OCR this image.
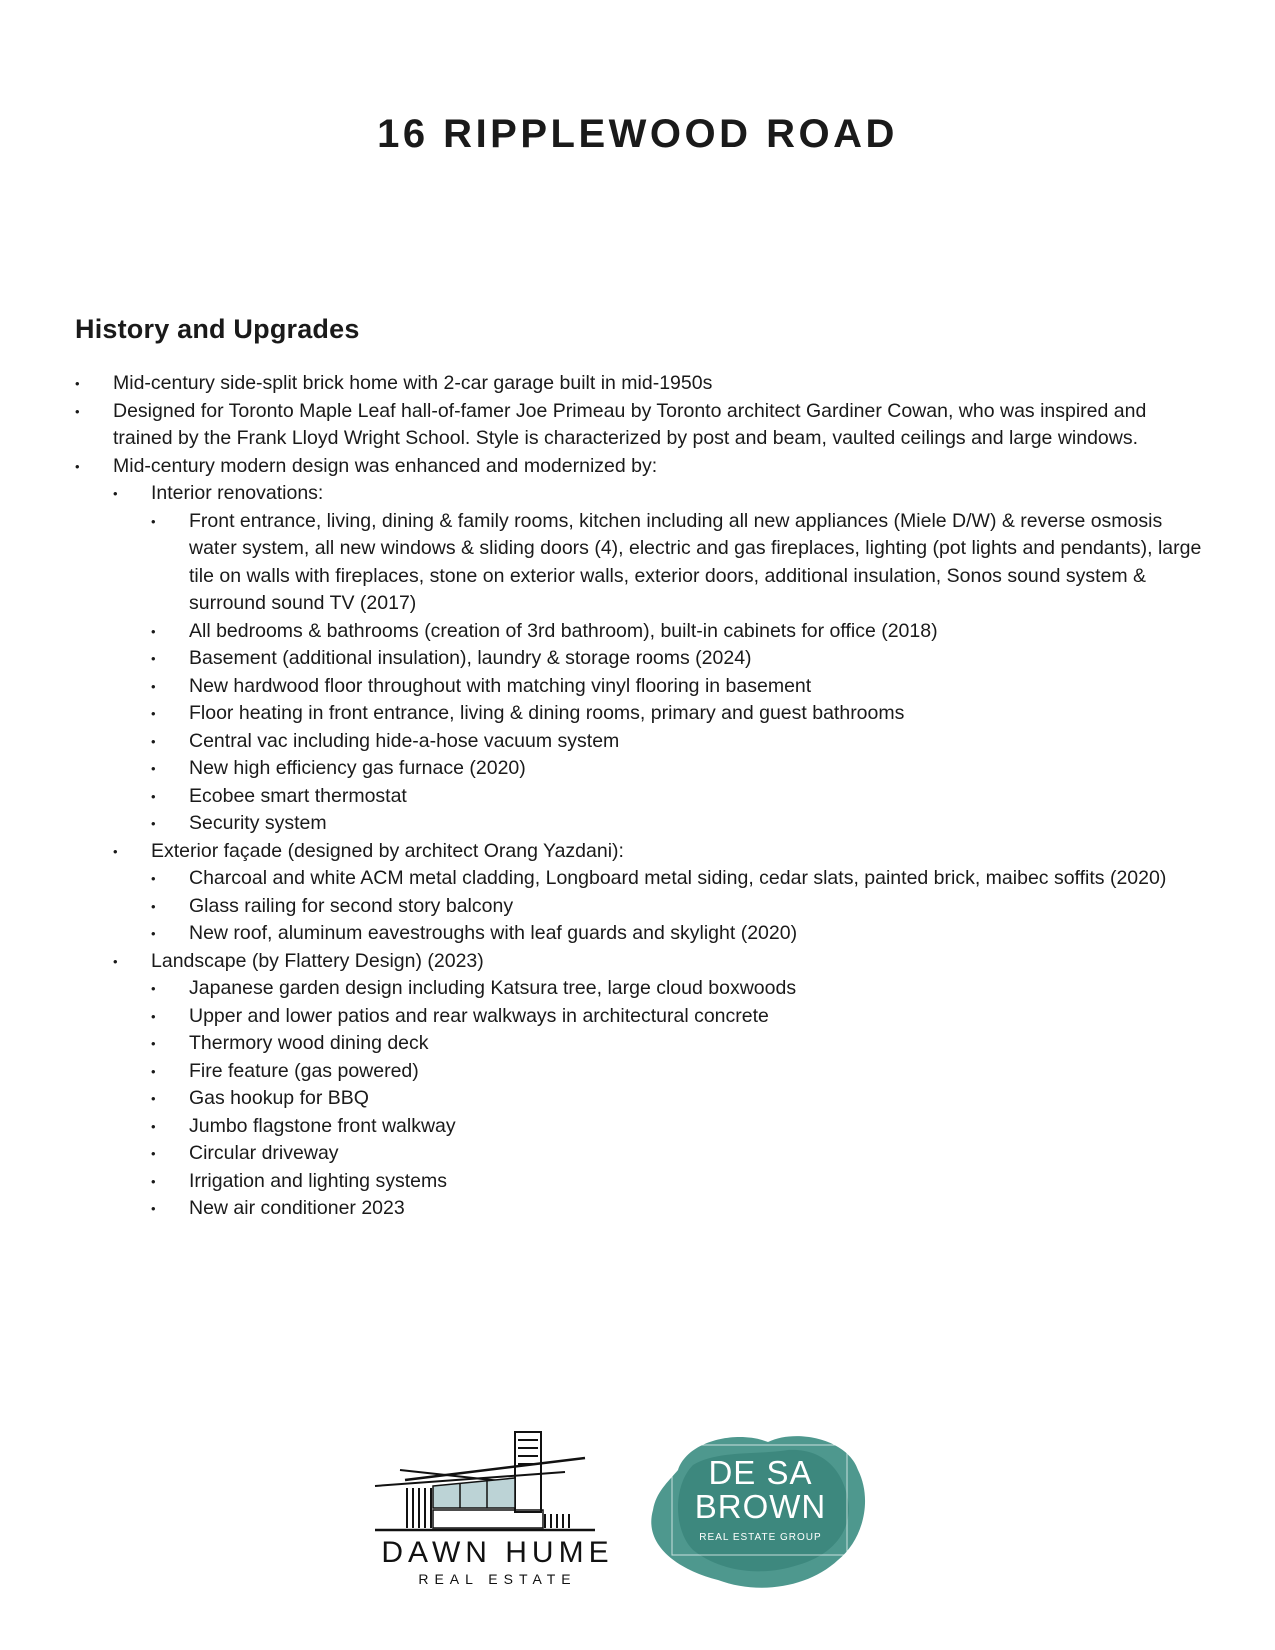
16 RIPPLEWOOD ROAD
History and Upgrades
• Mid-century side-split brick home with 2-car garage built in mid-1950s
• Designed for Toronto Maple Leaf hall-of-famer Joe Primeau by Toronto architect Gardiner Cowan, who was inspired and trained by the Frank Lloyd Wright School. Style is characterized by post and beam, vaulted ceilings and large windows.
• Mid-century modern design was enhanced and modernized by:
• Interior renovations:
• Front entrance, living, dining & family rooms, kitchen including all new appliances (Miele D/W) & reverse osmosis water system, all new windows & sliding doors (4), electric and gas fireplaces, lighting (pot lights and pendants), large tile on walls with fireplaces, stone on exterior walls, exterior doors, additional insulation, Sonos sound system & surround sound TV (2017)
• All bedrooms & bathrooms (creation of 3rd bathroom), built-in cabinets for office (2018)
• Basement (additional insulation), laundry & storage rooms (2024)
• New hardwood floor throughout with matching vinyl flooring in basement
• Floor heating in front entrance, living & dining rooms, primary and guest bathrooms
• Central vac including hide-a-hose vacuum system
• New high efficiency gas furnace (2020)
• Ecobee smart thermostat
• Security system
• Exterior façade (designed by architect Orang Yazdani):
• Charcoal and white ACM metal cladding, Longboard metal siding, cedar slats, painted brick, maibec soffits (2020)
• Glass railing for second story balcony
• New roof, aluminum eavestroughs with leaf guards and skylight (2020)
• Landscape (by Flattery Design) (2023)
• Japanese garden design including Katsura tree, large cloud boxwoods
• Upper and lower patios and rear walkways in architectural concrete
• Thermory wood dining deck
• Fire feature (gas powered)
• Gas hookup for BBQ
• Jumbo flagstone front walkway
• Circular driveway
• Irrigation and lighting systems
• New air conditioner 2023
DAWN HUME
REAL ESTATE
DE SA
BROWN
REAL ESTATE GROUP
